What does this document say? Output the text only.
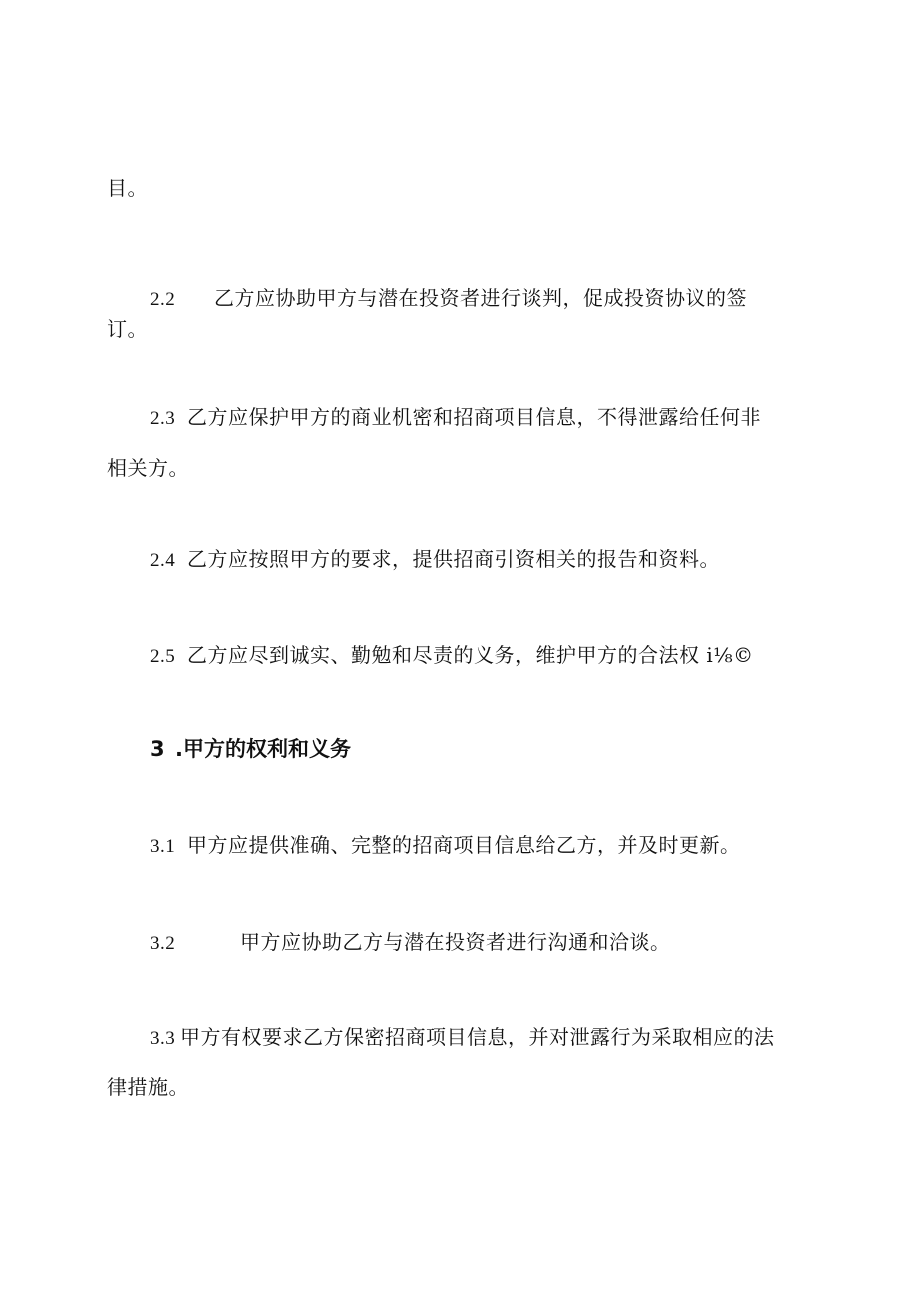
目。
2.2 乙方应协助甲方与潜在投资者进行谈判，促成投资协议的签
订。
2.3 乙方应保护甲方的商业机密和招商项目信息，不得泄露给任何非
相关方。
2.4 乙方应按照甲方的要求，提供招商引资相关的报告和资料。
2.5 乙方应尽到诚实、勤勉和尽责的义务，维护甲方的合法权 i⅛©
3 .甲方的权利和义务
3.1 甲方应提供准确、完整的招商项目信息给乙方，并及时更新。
3.2	甲方应协助乙方与潜在投资者进行沟通和洽谈。
3.3 甲方有权要求乙方保密招商项目信息，并对泄露行为采取相应的法
律措施。
